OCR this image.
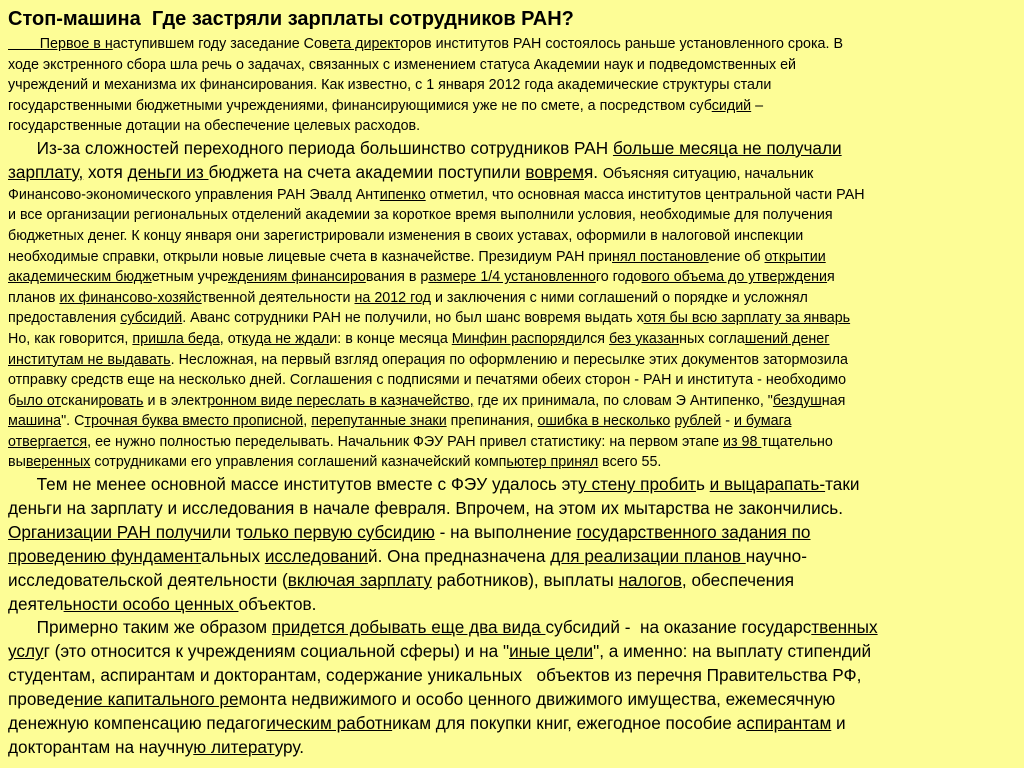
Стоп-машина  Где застряли зарплаты сотрудников РАН?
Первое в наступившем году заседание Совета директоров институтов РАН состоялось раньше установленного срока. В
ходе экстренного сбора шла речь о задачах, связанных с изменением статуса Академии наук и подведомственных ей
учреждений и механизма их финансирования. Как известно, с 1 января 2012 года академические структуры стали
государственными бюджетными учреждениями, финансирующимися уже не по смете, а посредством субсидий –
государственные дотации на обеспечение целевых расходов.
Из-за сложностей переходного периода большинство сотрудников РАН больше месяца не получали
зарплату, хотя деньги из бюджета на счета академии поступили вовремя. Объясняя ситуацию, начальник
Финансово-экономического управления РАН Эвалд Антипенко отметил, что основная масса институтов центральной части РАН
и все организации региональных отделений академии за короткое время выполнили условия, необходимые для получения
бюджетных денег. К концу января они зарегистрировали изменения в своих уставах, оформили в налоговой инспекции
необходимые справки, открыли новые лицевые счета в казначействе. Президиум РАН принял постановление об открытии
академическим бюджетным учреждениям финансирования в размере 1/4 установленного годового объема до утверждения
планов их финансово-хозяйственной деятельности на 2012 год и заключения с ними соглашений о порядке и усложнял
предоставления субсидий. Аванс сотрудники РАН не получили, но был шанс вовремя выдать хотя бы всю зарплату за январь
Но, как говорится, пришла беда, откуда не ждали: в конце месяца Минфин распорядился без указанных соглашений денег
институтам не выдавать. Несложная, на первый взгляд операция по оформлению и пересылке этих документов затормозила
отправку средств еще на несколько дней. Соглашения с подписями и печатями обеих сторон - РАН и института - необходимо
было отсканировать и в электронном виде переслать в казначейство, где их принимала, по словам Э Антипенко, "бездушная
машина". Строчная буква вместо прописной, перепутанные знаки препинания, ошибка в несколько рублей - и бумага
отвергается, ее нужно полностью переделывать. Начальник ФЭУ РАН привел статистику: на первом этапе из 98 тщательно
выверенных сотрудниками его управления соглашений казначейский компьютер принял всего 55.
Тем не менее основной массе институтов вместе с ФЭУ удалось эту стену пробить и выцарапать-таки
деньги на зарплату и исследования в начале февраля. Впрочем, на этом их мытарства не закончились.
Организации РАН получили только первую субсидию - на выполнение государственного задания по
проведению фундаментальных исследований. Она предназначена для реализации планов научно-
исследовательской деятельности (включая зарплату работников), выплаты налогов, обеспечения
деятельности особо ценных объектов.
Примерно таким же образом придется добывать еще два вида субсидий -  на оказание государственных
услуг (это относится к учреждениям социальной сферы) и на "иные цели", а именно: на выплату стипендий
студентам, аспирантам и докторантам, содержание уникальных   объектов из перечня Правительства РФ,
проведение капитального ремонта недвижимого и особо ценного движимого имущества, ежемесячную
денежную компенсацию педагогическим работникам для покупки книг, ежегодное пособие аспирантам и
докторантам на научную литературу.
